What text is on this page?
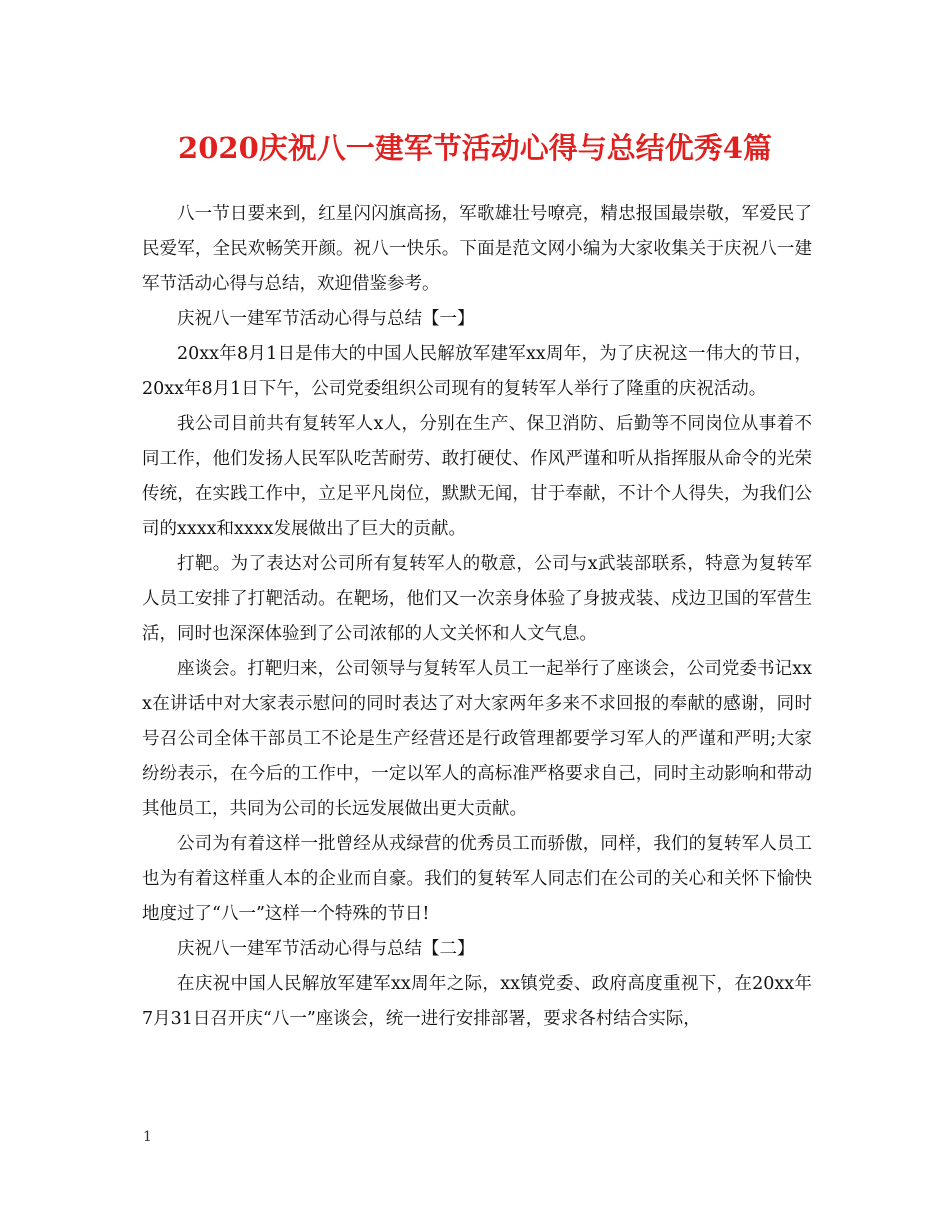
2020庆祝八一建军节活动心得与总结优秀4篇

八一节日要来到，红星闪闪旗高扬，军歌雄壮号嘹亮，精忠报国最崇敬，军爱民了民爱军，全民欢畅笑开颜。祝八一快乐。下面是范文网小编为大家收集关于庆祝八一建军节活动心得与总结，欢迎借鉴参考。

庆祝八一建军节活动心得与总结【一】

20xx年8月1日是伟大的中国人民解放军建军xx周年，为了庆祝这一伟大的节日，20xx年8月1日下午，公司党委组织公司现有的复转军人举行了隆重的庆祝活动。

我公司目前共有复转军人x人，分别在生产、保卫消防、后勤等不同岗位从事着不同工作，他们发扬人民军队吃苦耐劳、敢打硬仗、作风严谨和听从指挥服从命令的光荣传统，在实践工作中，立足平凡岗位，默默无闻，甘于奉献，不计个人得失，为我们公司的xxxx和xxxx发展做出了巨大的贡献。

打靶。为了表达对公司所有复转军人的敬意，公司与x武装部联系，特意为复转军人员工安排了打靶活动。在靶场，他们又一次亲身体验了身披戎装、戍边卫国的军营生活，同时也深深体验到了公司浓郁的人文关怀和人文气息。

座谈会。打靶归来，公司领导与复转军人员工一起举行了座谈会，公司党委书记xxx在讲话中对大家表示慰问的同时表达了对大家两年多来不求回报的奉献的感谢，同时号召公司全体干部员工不论是生产经营还是行政管理都要学习军人的严谨和严明;大家纷纷表示，在今后的工作中，一定以军人的高标准严格要求自己，同时主动影响和带动其他员工，共同为公司的长远发展做出更大贡献。

公司为有着这样一批曾经从戎绿营的优秀员工而骄傲，同样，我们的复转军人员工也为有着这样重人本的企业而自豪。我们的复转军人同志们在公司的关心和关怀下愉快地度过了“八一”这样一个特殊的节日!

庆祝八一建军节活动心得与总结【二】

在庆祝中国人民解放军建军xx周年之际，xx镇党委、政府高度重视下，在20xx年7月31日召开庆“八一”座谈会，统一进行安排部署，要求各村结合实际，

1
